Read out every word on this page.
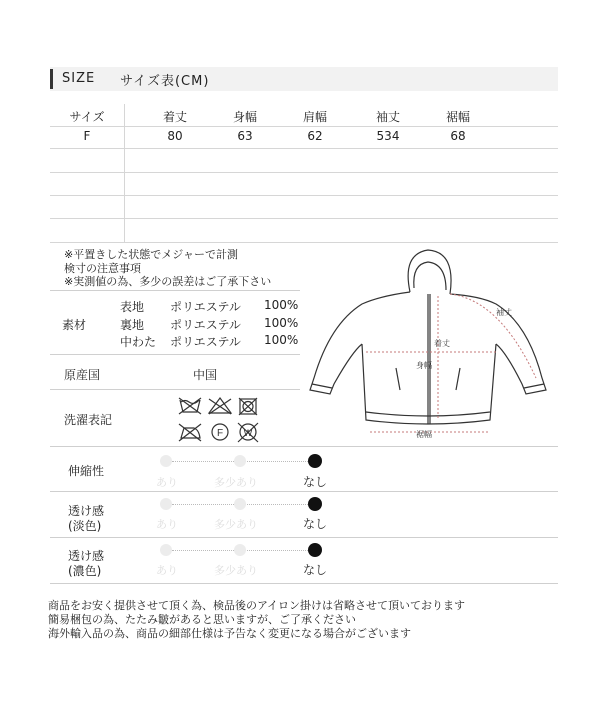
SIZE サイズ表(CM)
サイズ	着丈	身幅	肩幅	袖丈	裾幅
F	80	63	62	534	68
※平置きした状態でメジャーで計測
検寸の注意事項
※実測値の為、多少の誤差はご了承下さい
素材
表地 ポリエステル 100%
裏地 ポリエステル 100%
中わた ポリエステル 100%
原産国	中国
洗濯表記
F W
袖丈
着丈
身幅
裾幅
伸縮性
あり	多少あり	なし
透け感
(淡色)	あり	多少あり	なし
透け感
(濃色)	あり	多少あり	なし
商品をお安く提供させて頂く為、検品後のアイロン掛けは省略させて頂いております
簡易梱包の為、たたみ皺があると思いますが、ご了承ください
海外輸入品の為、商品の細部仕様は予告なく変更になる場合がございます
